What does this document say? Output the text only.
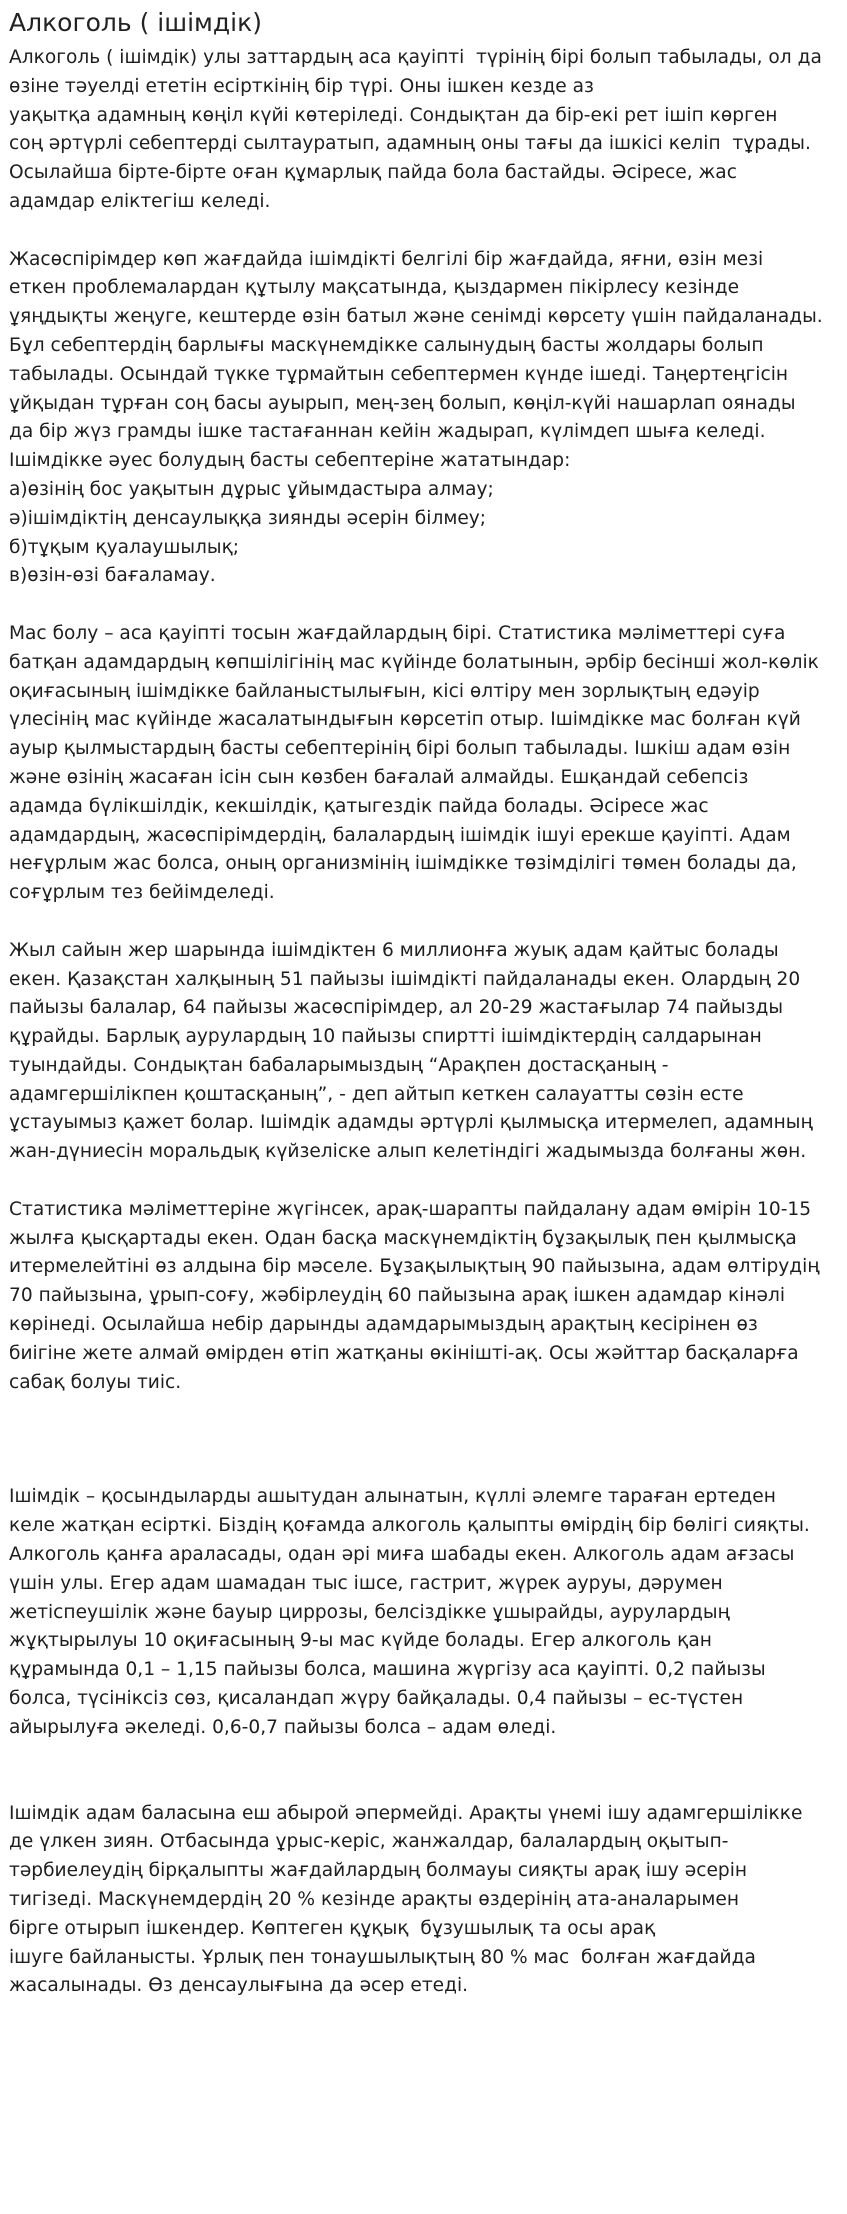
Алкоголь ( ішімдік)
Алкоголь ( ішімдік) улы заттардың аса қауіпті  түрінің бірі болып табылады, ол да
өзіне тәуелді ететін есірткінің бір түрі. Оны ішкен кезде аз
уақытқа адамның көңіл күйі көтеріледі. Сондықтан да бір-екі рет ішіп көрген
соң әртүрлі себептерді сылтауратып, адамның оны тағы да ішкісі келіп  тұрады.
Осылайша бірте-бірте оған құмарлық пайда бола бастайды. Әсіресе, жас
адамдар еліктегіш келеді.
Жасөспірімдер көп жағдайда ішімдікті белгілі бір жағдайда, яғни, өзін мезі
еткен проблемалардан құтылу мақсатында, қыздармен пікірлесу кезінде
ұяңдықты жеңуге, кештерде өзін батыл және сенімді көрсету үшін пайдаланады.
Бұл себептердің барлығы маскүнемдікке салынудың басты жолдары болып
табылады. Осындай түкке тұрмайтын себептермен күнде ішеді. Таңертеңгісін
ұйқыдан тұрған соң басы ауырып, мең-зең болып, көңіл-күйі нашарлап оянады
да бір жүз грамды ішке тастағаннан кейін жадырап, күлімдеп шыға келеді.
Ішімдікке әуес болудың басты себептеріне жататындар:
а)өзінің бос уақытын дұрыс ұйымдастыра алмау;
ә)ішімдіктің денсаулыққа зиянды әсерін білмеу;
б)тұқым қуалаушылық;
в)өзін-өзі бағаламау.
Мас болу – аса қауіпті тосын жағдайлардың бірі. Статистика мәліметтері суға
батқан адамдардың көпшілігінің мас күйінде болатынын, әрбір бесінші жол-көлік
оқиғасының ішімдікке байланыстылығын, кісі өлтіру мен зорлықтың едәуір
үлесінің мас күйінде жасалатындығын көрсетіп отыр. Ішімдікке мас болған күй
ауыр қылмыстардың басты себептерінің бірі болып табылады. Ішкіш адам өзін
және өзінің жасаған ісін сын көзбен бағалай алмайды. Ешқандай себепсіз
адамда бүлікшілдік, кекшілдік, қатыгездік пайда болады. Әсіресе жас
адамдардың, жасөспірімдердің, балалардың ішімдік ішуі ерекше қауіпті. Адам
неғұрлым жас болса, оның организмінің ішімдікке төзімділігі төмен болады да,
соғұрлым тез бейімделеді.
Жыл сайын жер шарында ішімдіктен 6 миллионға жуық адам қайтыс болады
екен. Қазақстан халқының 51 пайызы ішімдікті пайдаланады екен. Олардың 20
пайызы балалар, 64 пайызы жасөспірімдер, ал 20-29 жастағылар 74 пайызды
құрайды. Барлық аурулардың 10 пайызы спиртті ішімдіктердің салдарынан
туындайды. Сондықтан бабаларымыздың “Арақпен достасқаның -
адамгершілікпен қоштасқаның”, - деп айтып кеткен салауатты сөзін есте
ұстауымыз қажет болар. Ішімдік адамды әртүрлі қылмысқа итермелеп, адамның
жан-дүниесін моральдық күйзеліске алып келетіндігі жадымызда болғаны жөн.
Статистика мәліметтеріне жүгінсек, арақ-шарапты пайдалану адам өмірін 10-15
жылға қысқартады екен. Одан басқа маскүнемдіктің бұзақылық пен қылмысқа
итермелейтіні өз алдына бір мәселе. Бұзақылықтың 90 пайызына, адам өлтірудің
70 пайызына, ұрып-соғу, жәбірлеудің 60 пайызына арақ ішкен адамдар кінәлі
көрінеді. Осылайша небір дарынды адамдарымыздың арақтың кесірінен өз
биігіне жете алмай өмірден өтіп жатқаны өкінішті-ақ. Осы жәйттар басқаларға
сабақ болуы тиіс.
Ішімдік – қосындыларды ашытудан алынатын, күллі әлемге тараған ертеден
келе жатқан есірткі. Біздің қоғамда алкоголь қалыпты өмірдің бір бөлігі сияқты.
Алкоголь қанға араласады, одан әрі миға шабады екен. Алкоголь адам ағзасы
үшін улы. Егер адам шамадан тыс ішсе, гастрит, жүрек ауруы, дәрумен
жетіспеушілік және бауыр циррозы, белсіздікке ұшырайды, аурулардың
жұқтырылуы 10 оқиғасының 9-ы мас күйде болады. Егер алкоголь қан
құрамында 0,1 – 1,15 пайызы болса, машина жүргізу аса қауіпті. 0,2 пайызы
болса, түсініксіз сөз, қисаландап жүру байқалады. 0,4 пайызы – ес-түстен
айырылуға әкеледі. 0,6-0,7 пайызы болса – адам өледі.
Ішімдік адам баласына еш абырой әпермейді. Арақты үнемі ішу адамгершілікке
де үлкен зиян. Отбасында ұрыс-керіс, жанжалдар, балалардың оқытып-
тәрбиелеудің бірқалыпты жағдайлардың болмауы сияқты арақ ішу әсерін
тигізеді. Маскүнемдердің 20 % кезінде арақты өздерінің ата-аналарымен
бірге отырып ішкендер. Көптеген құқық  бұзушылық та осы арақ
ішуге байланысты. Ұрлық пен тонаушылықтың 80 % мас  болған жағдайда
жасалынады. Өз денсаулығына да әсер етеді.
